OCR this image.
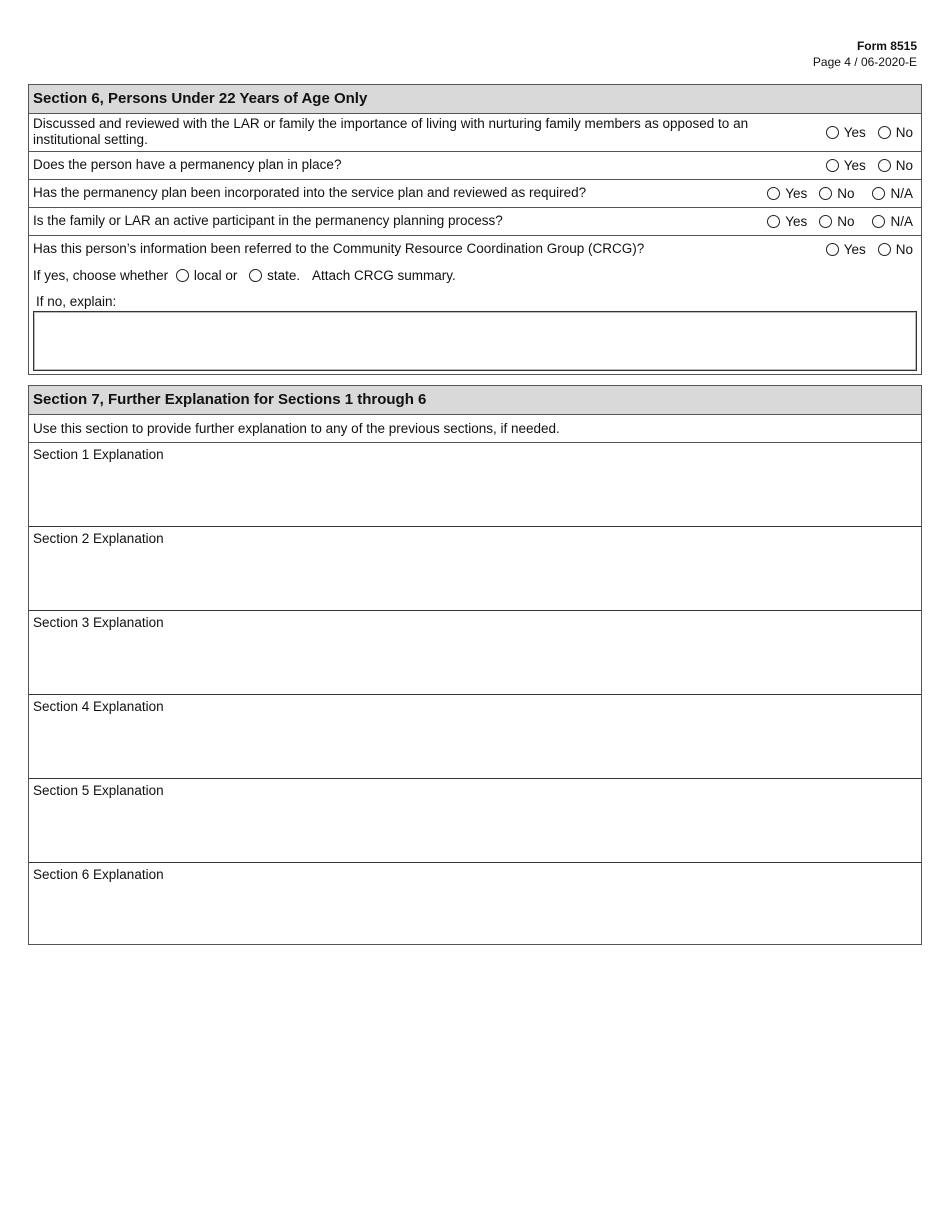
Form 8515
Page 4 / 06-2020-E
Section 6, Persons Under 22 Years of Age Only
Discussed and reviewed with the LAR or family the importance of living with nurturing family members as opposed to an institutional setting.	Yes No
Does the person have a permanency plan in place?	Yes No
Has the permanency plan been incorporated into the service plan and reviewed as required?	Yes No	N/A
Is the family or LAR an active participant in the permanency planning process?	Yes No	N/A
Has this person’s information been referred to the Community Resource Coordination Group (CRCG)?	Yes No
If yes, choose whether local or state. Attach CRCG summary.
If no, explain:
Section 7, Further Explanation for Sections 1 through 6
Use this section to provide further explanation to any of the previous sections, if needed.
Section 1 Explanation
Section 2 Explanation
Section 3 Explanation
Section 4 Explanation
Section 5 Explanation
Section 6 Explanation
